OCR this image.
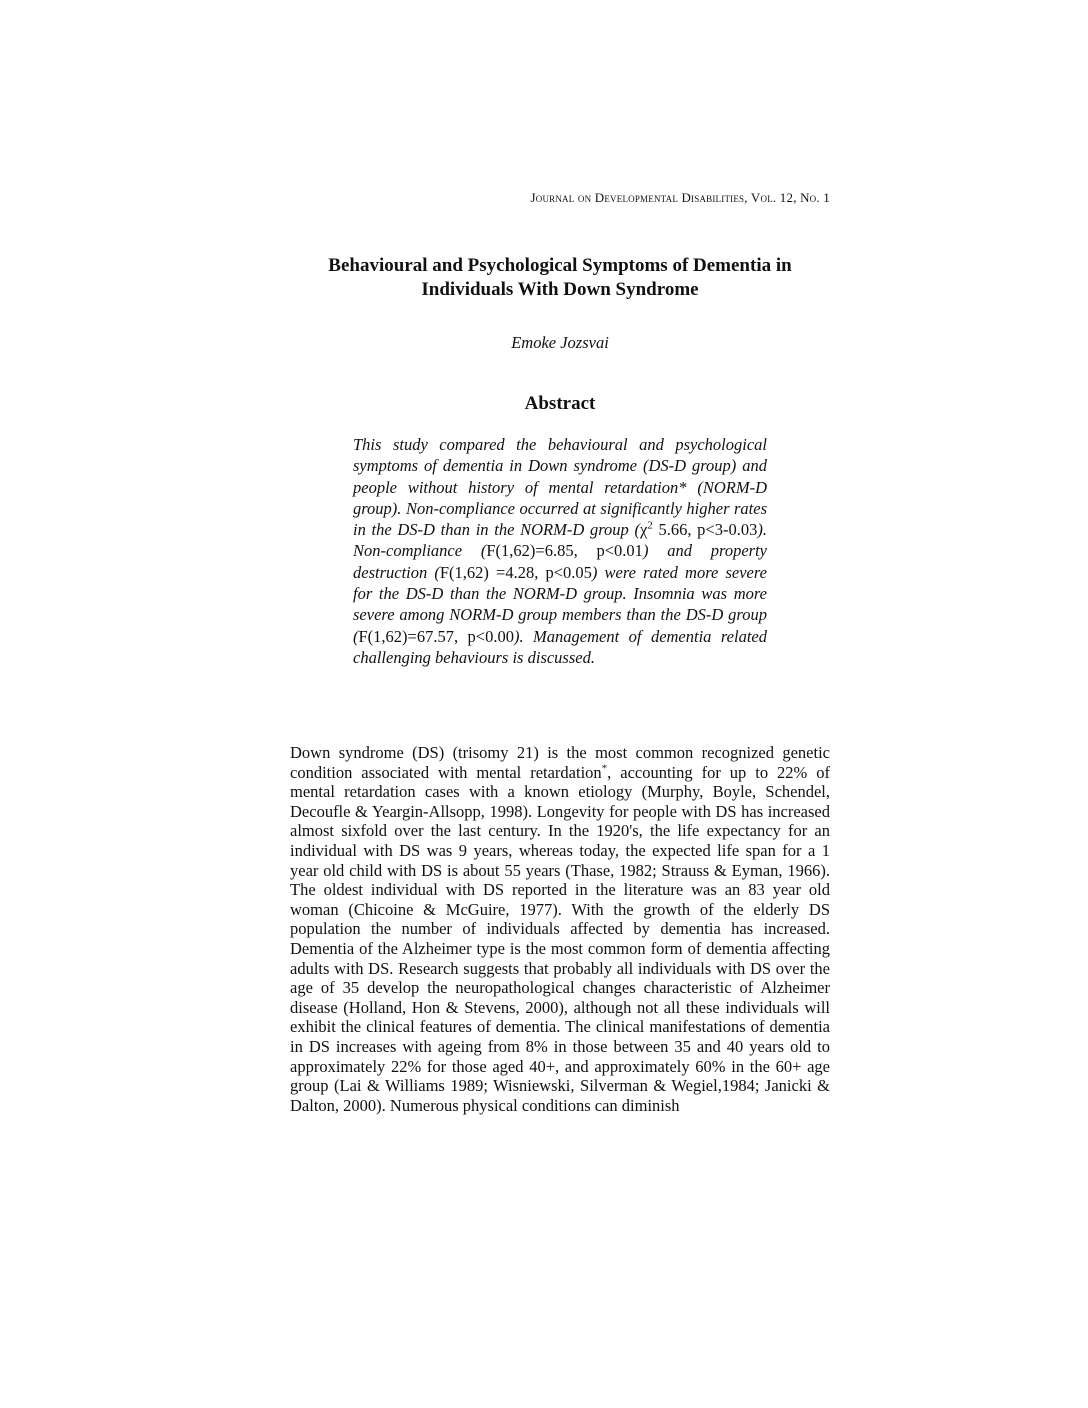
Journal on Developmental Disabilities, Vol. 12, No. 1
Behavioural and Psychological Symptoms of Dementia in
Individuals With Down Syndrome
Emoke Jozsvai
Abstract

This study compared the behavioural and psychological symptoms of dementia in Down syndrome (DS-D group) and people without history of mental retardation* (NORM-D group). Non-compliance occurred at significantly higher rates in the DS-D than in the NORM-D group ($\chi^2$ 5.66, p<3-0.03). Non-compliance (F(1,62)=6.85, p<0.01) and property destruction (F(1,62) =4.28, p<0.05) were rated more severe for the DS-D than the NORM-D group. Insomnia was more severe among NORM-D group members than the DS-D group (F(1,62)=67.57, p<0.00). Management of dementia related challenging behaviours is discussed.

Down syndrome (DS) (trisomy 21) is the most common recognized genetic condition associated with mental retardation*, accounting for up to 22% of mental retardation cases with a known etiology (Murphy, Boyle, Schendel, Decoufle & Yeargin-Allsopp, 1998). Longevity for people with DS has increased almost sixfold over the last century. In the 1920's, the life expectancy for an individual with DS was 9 years, whereas today, the expected life span for a 1 year old child with DS is about 55 years (Thase, 1982; Strauss & Eyman, 1966). The oldest individual with DS reported in the literature was an 83 year old woman (Chicoine & McGuire, 1977). With the growth of the elderly DS population the number of individuals affected by dementia has increased. Dementia of the Alzheimer type is the most common form of dementia affecting adults with DS. Research suggests that probably all individuals with DS over the age of 35 develop the neuropathological changes characteristic of Alzheimer disease (Holland, Hon & Stevens, 2000), although not all these individuals will exhibit the clinical features of dementia. The clinical manifestations of dementia in DS increases with ageing from 8% in those between 35 and 40 years old to approximately 22% for those aged 40+, and approximately 60% in the 60+ age group (Lai & Williams 1989; Wisniewski, Silverman & Wegiel,1984; Janicki & Dalton, 2000). Numerous physical conditions can diminish
